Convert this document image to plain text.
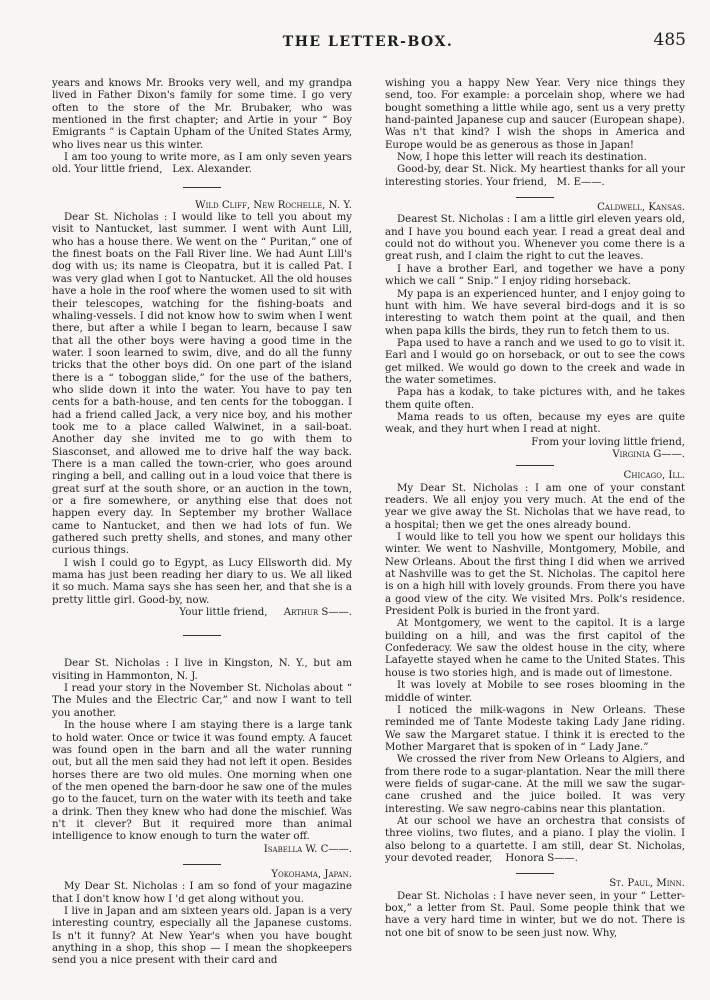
THE LETTER-BOX.	485

years and knows Mr. Brooks very well, and my grandpa lived in Father Dixon's family for some time. I go very often to the store of the Mr. Brubaker, who was mentioned in the first chapter; and Artie in your “ Boy Emigrants ” is Captain Upham of the United States Army, who lives near us this winter.

I am too young to write more, as I am only seven years old. Your little friend, Lex. Alexander.

Wild Cliff, New Rochelle, N. Y.

Dear St. Nicholas : I would like to tell you about my visit to Nantucket, last summer. I went with Aunt Lill, who has a house there. We went on the “ Puritan,” one of the finest boats on the Fall River line. We had Aunt Lill's dog with us; its name is Cleopatra, but it is called Pat. I was very glad when I got to Nantucket. All the old houses have a hole in the roof where the women used to sit with their telescopes, watching for the fishing-boats and whaling-vessels. I did not know how to swim when I went there, but after a while I began to learn, because I saw that all the other boys were having a good time in the water. I soon learned to swim, dive, and do all the funny tricks that the other boys did. On one part of the island there is a “ toboggan slide,” for the use of the bathers, who slide down it into the water. You have to pay ten cents for a bath-house, and ten cents for the toboggan. I had a friend called Jack, a very nice boy, and his mother took me to a place called Walwinet, in a sail-boat. Another day she invited me to go with them to Siasconset, and allowed me to drive half the way back. There is a man called the town-crier, who goes around ringing a bell, and calling out in a loud voice that there is great surf at the south shore, or an auction in the town, or a fire somewhere, or anything else that does not happen every day. In September my brother Wallace came to Nantucket, and then we had lots of fun. We gathered such pretty shells, and stones, and many other curious things.

I wish I could go to Egypt, as Lucy Ellsworth did. My mama has just been reading her diary to us. We all liked it so much. Mama says she has seen her, and that she is a pretty little girl. Good-by, now.

Your little friend, Arthur S——.

Dear St. Nicholas : I live in Kingston, N. Y., but am visiting in Hammonton, N. J.

I read your story in the November St. Nicholas about “ The Mules and the Electric Car,” and now I want to tell you another.

In the house where I am staying there is a large tank to hold water. Once or twice it was found empty. A faucet was found open in the barn and all the water running out, but all the men said they had not left it open. Besides horses there are two old mules. One morning when one of the men opened the barn-door he saw one of the mules go to the faucet, turn on the water with its teeth and take a drink. Then they knew who had done the mischief. Was n't it clever? But it required more than animal intelligence to know enough to turn the water off.

Isabella W. C——.

Yokohama, Japan.

My Dear St. Nicholas : I am so fond of your magazine that I don't know how I 'd get along without you.

I live in Japan and am sixteen years old. Japan is a very interesting country, especially all the Japanese customs. Is n't it funny? At New Year's when you have bought anything in a shop, this shop — I mean the shopkeepers send you a nice present with their card and

wishing you a happy New Year. Very nice things they send, too. For example: a porcelain shop, where we had bought something a little while ago, sent us a very pretty hand-painted Japanese cup and saucer (European shape). Was n't that kind? I wish the shops in America and Europe would be as generous as those in Japan!

Now, I hope this letter will reach its destination.

Good-by, dear St. Nick. My heartiest thanks for all your interesting stories. Your friend, M. E——.

Caldwell, Kansas.

Dearest St. Nicholas : I am a little girl eleven years old, and I have you bound each year. I read a great deal and could not do without you. Whenever you come there is a great rush, and I claim the right to cut the leaves.

I have a brother Earl, and together we have a pony which we call “ Snip.” I enjoy riding horseback.

My papa is an experienced hunter, and I enjoy going to hunt with him. We have several bird-dogs and it is so interesting to watch them point at the quail, and then when papa kills the birds, they run to fetch them to us.

Papa used to have a ranch and we used to go to visit it. Earl and I would go on horseback, or out to see the cows get milked. We would go down to the creek and wade in the water sometimes.

Papa has a kodak, to take pictures with, and he takes them quite often.

Mama reads to us often, because my eyes are quite weak, and they hurt when I read at night.

From your loving little friend,

Virginia G——.

Chicago, Ill.

My Dear St. Nicholas : I am one of your constant readers. We all enjoy you very much. At the end of the year we give away the St. Nicholas that we have read, to a hospital; then we get the ones already bound.

I would like to tell you how we spent our holidays this winter. We went to Nashville, Montgomery, Mobile, and New Orleans. About the first thing I did when we arrived at Nashville was to get the St. Nicholas. The capitol here is on a high hill with lovely grounds. From there you have a good view of the city. We visited Mrs. Polk's residence. President Polk is buried in the front yard.

At Montgomery, we went to the capitol. It is a large building on a hill, and was the first capitol of the Confederacy. We saw the oldest house in the city, where Lafayette stayed when he came to the United States. This house is two stories high, and is made out of limestone.

It was lovely at Mobile to see roses blooming in the middle of winter.

I noticed the milk-wagons in New Orleans. These reminded me of Tante Modeste taking Lady Jane riding. We saw the Margaret statue. I think it is erected to the Mother Margaret that is spoken of in “ Lady Jane.”

We crossed the river from New Orleans to Algiers, and from there rode to a sugar-plantation. Near the mill there were fields of sugar-cane. At the mill we saw the sugar-cane crushed and the juice boiled. It was very interesting. We saw negro-cabins near this plantation.

At our school we have an orchestra that consists of three violins, two flutes, and a piano. I play the violin. I also belong to a quartette. I am still, dear St. Nicholas, your devoted reader, Honora S——.

St. Paul, Minn.

Dear St. Nicholas : I have never seen, in your “ Letter-box,” a letter from St. Paul. Some people think that we have a very hard time in winter, but we do not. There is not one bit of snow to be seen just now. Why,
